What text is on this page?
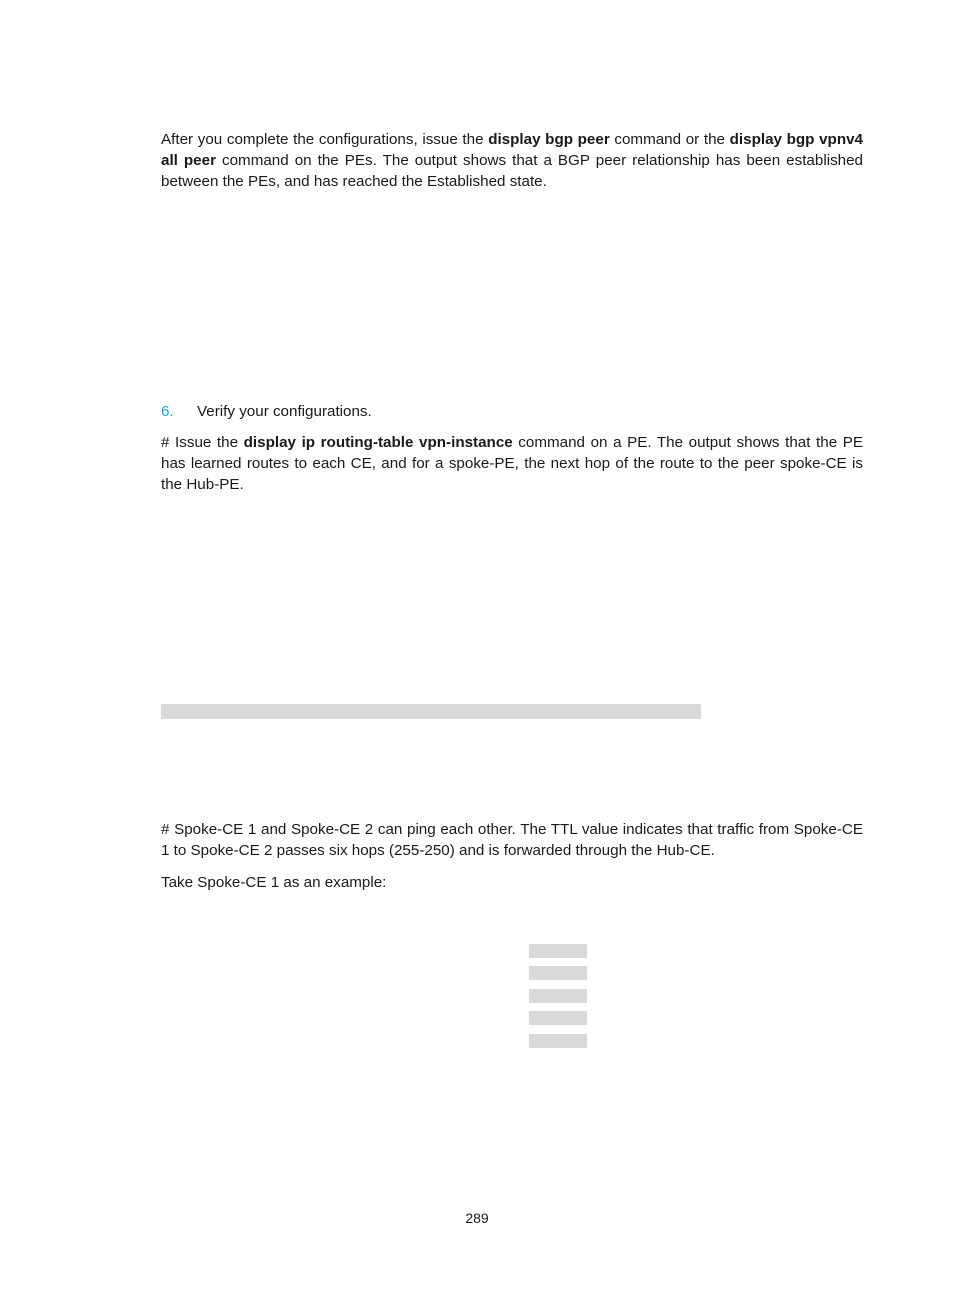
After you complete the configurations, issue the display bgp peer command or the display bgp vpnv4 all peer command on the PEs. The output shows that a BGP peer relationship has been established between the PEs, and has reached the Established state.

6. Verify your configurations.

# Issue the display ip routing-table vpn-instance command on a PE. The output shows that the PE has learned routes to each CE, and for a spoke-PE, the next hop of the route to the peer spoke-CE is the Hub-PE.

# Spoke-CE 1 and Spoke-CE 2 can ping each other. The TTL value indicates that traffic from Spoke-CE 1 to Spoke-CE 2 passes six hops (255-250) and is forwarded through the Hub-CE.

Take Spoke-CE 1 as an example:

289
